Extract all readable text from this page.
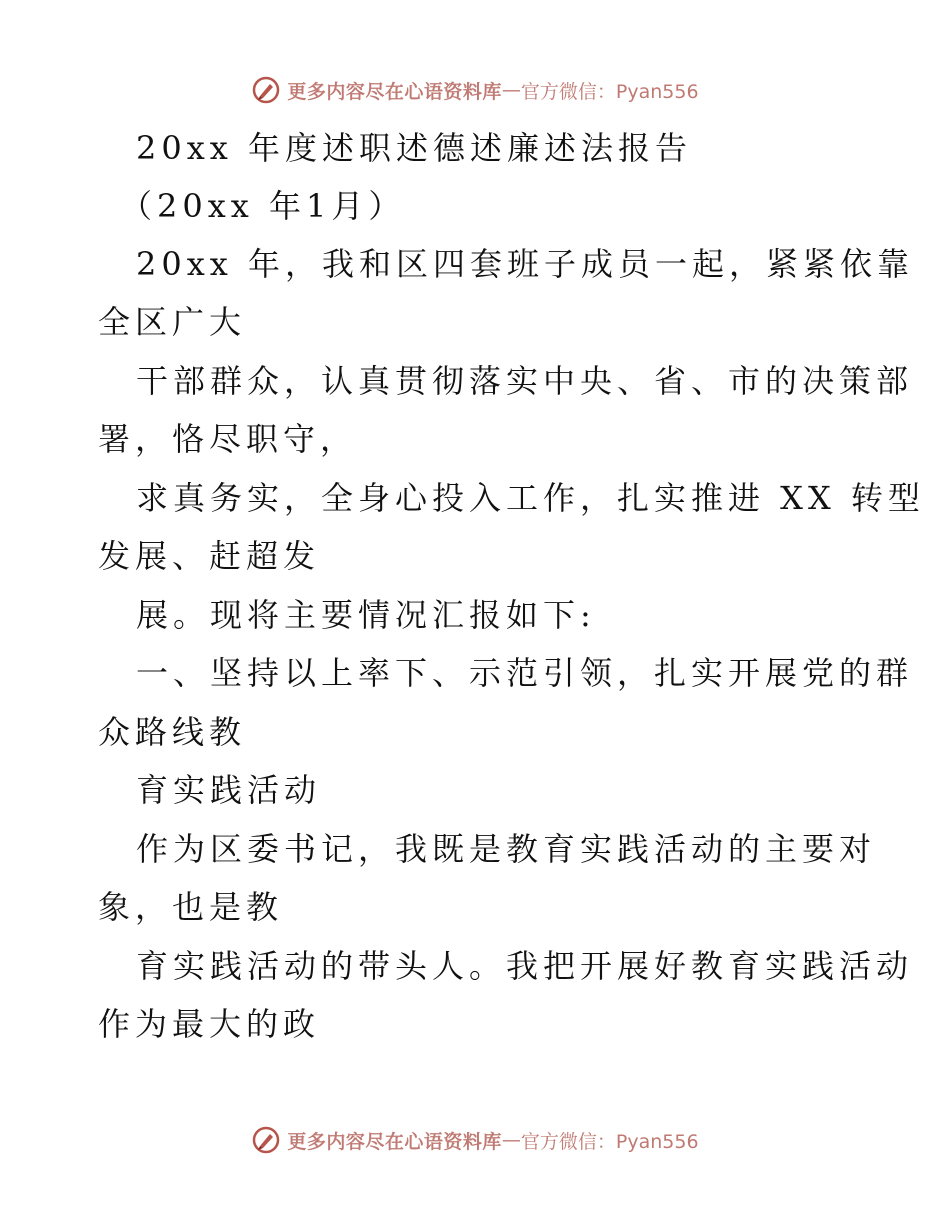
更多内容尽在心语资料库 — 官方微信：Pyan556
20xx 年度述职述德述廉述法报告
（20xx 年1月）
20xx 年，我和区四套班子成员一起，紧紧依靠
全区广大
干部群众，认真贯彻落实中央、省、市的决策部
署，恪尽职守，
求真务实，全身心投入工作，扎实推进 XX 转型
发展、赶超发
展。现将主要情况汇报如下:
一、坚持以上率下、示范引领，扎实开展党的群
众路线教
育实践活动
作为区委书记，我既是教育实践活动的主要对
象，也是教
育实践活动的带头人。我把开展好教育实践活动
作为最大的政
更多内容尽在心语资料库 — 官方微信：Pyan556
